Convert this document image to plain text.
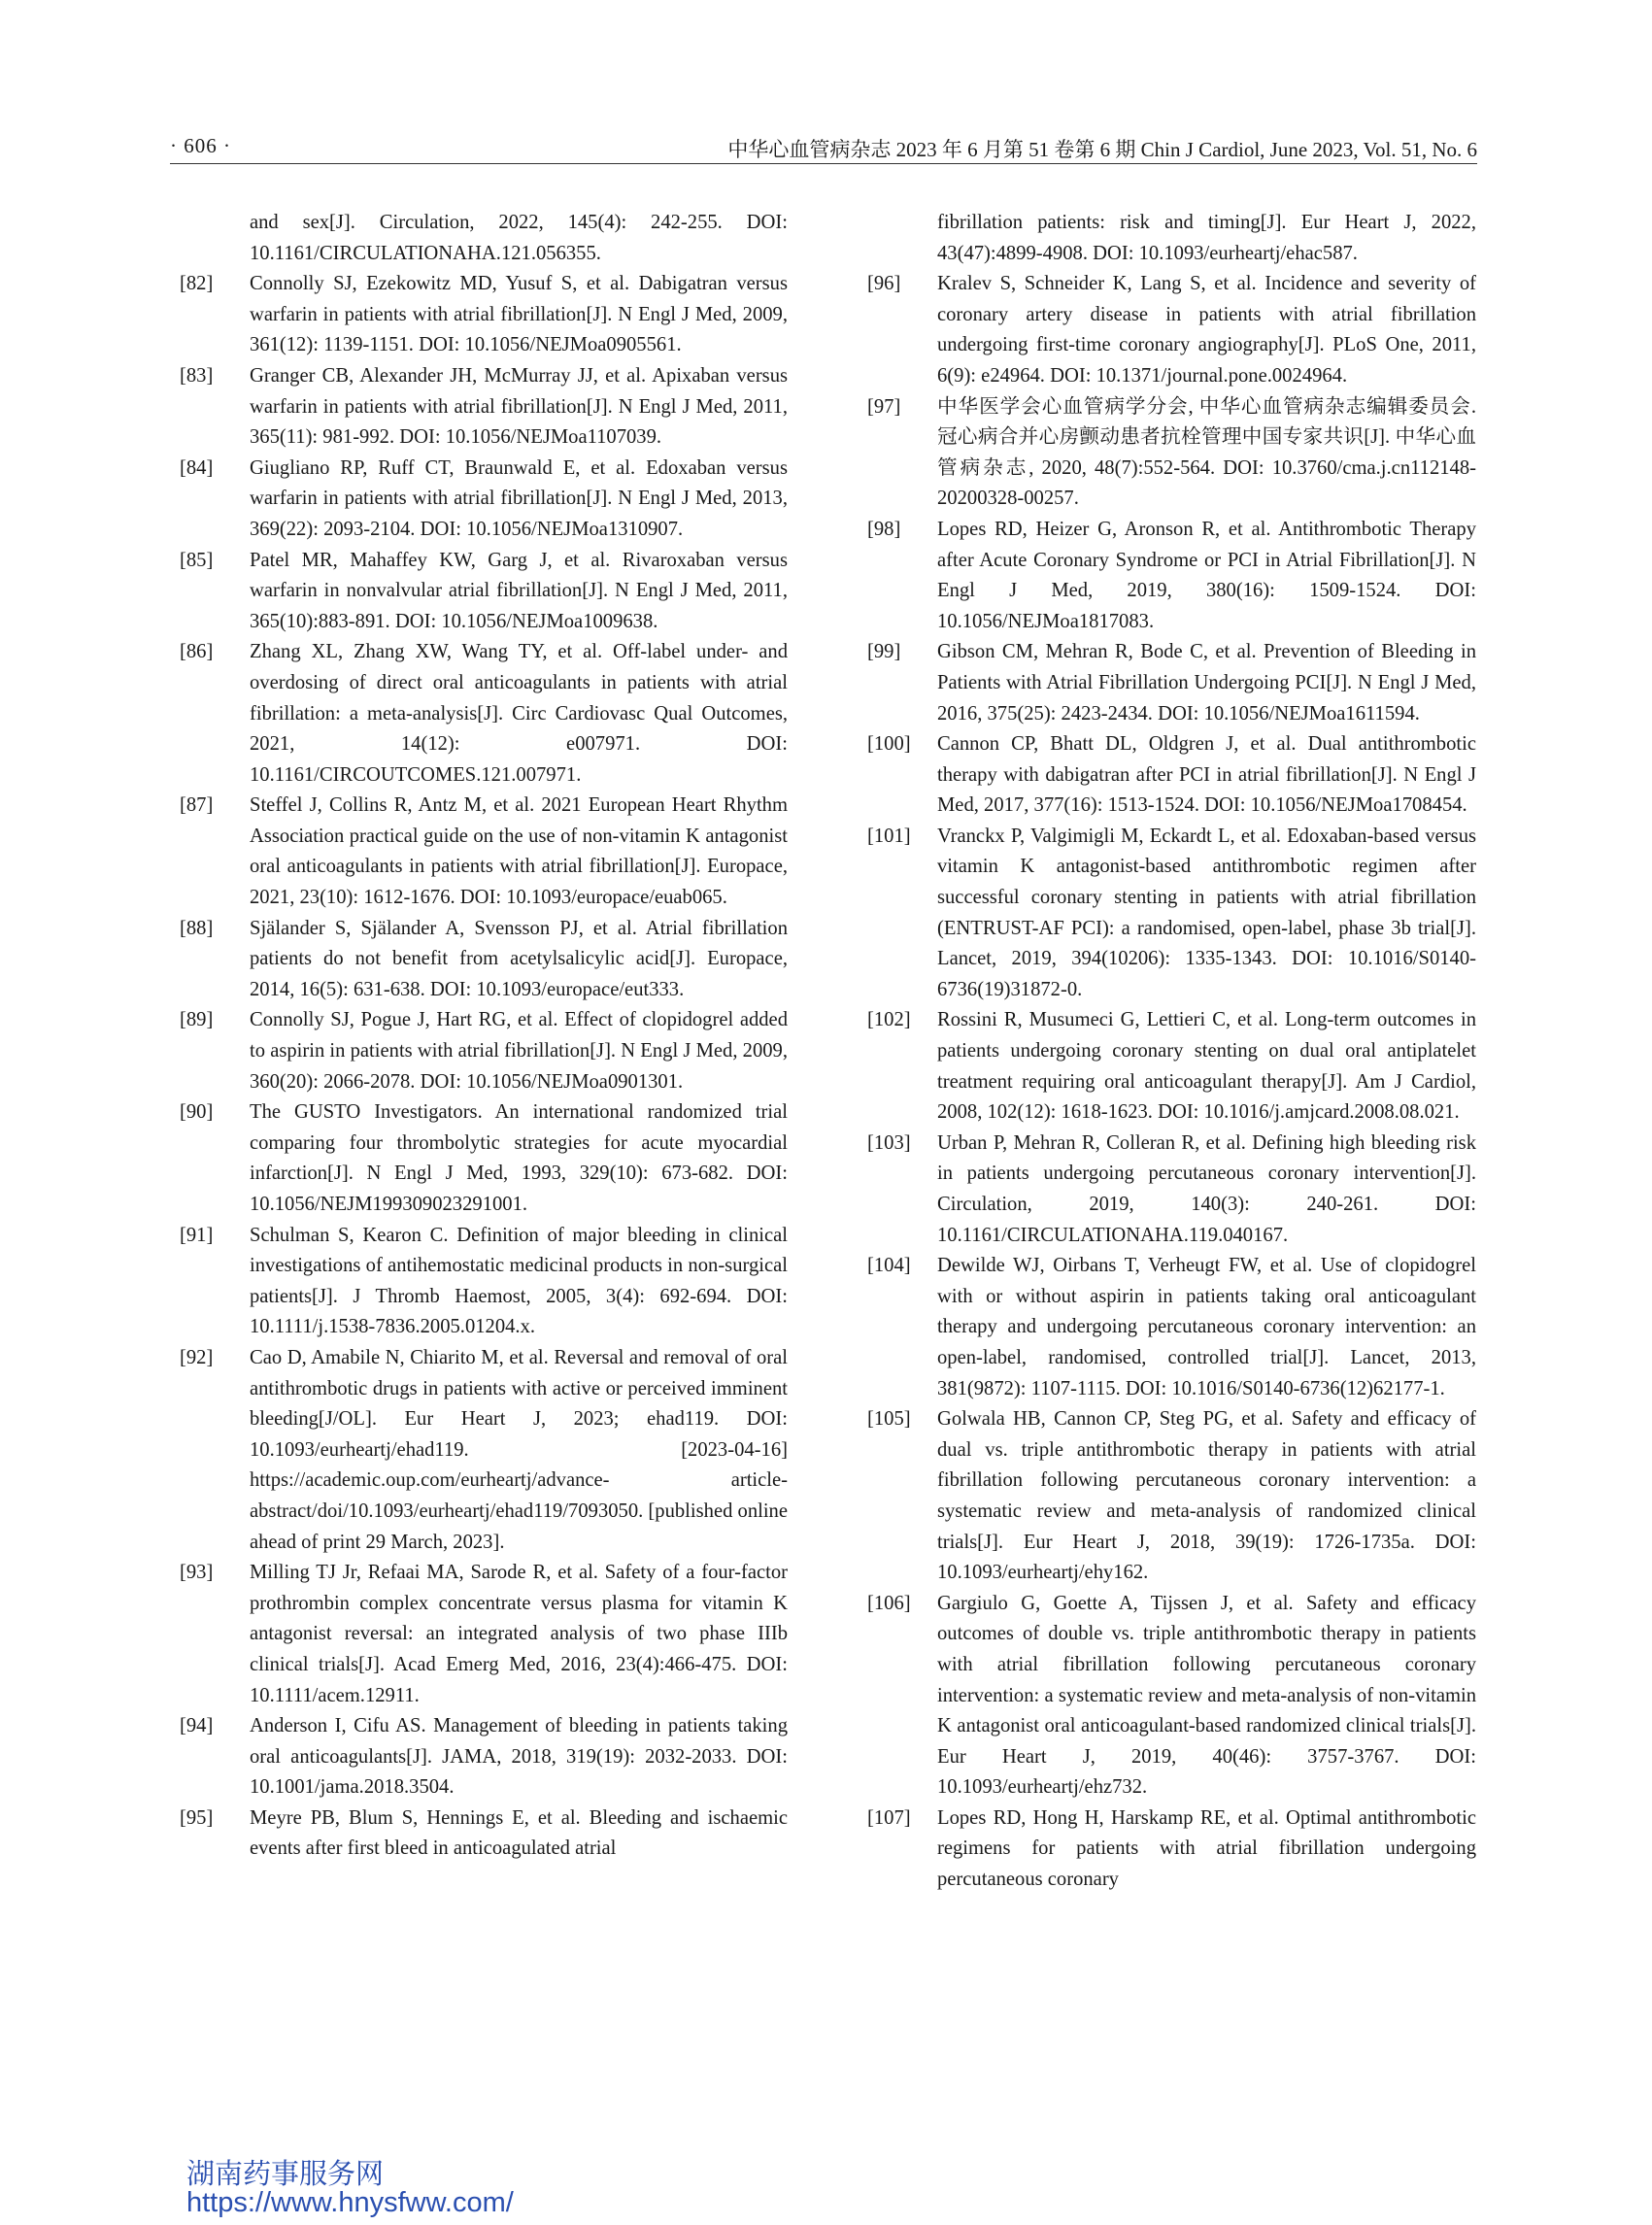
· 606 ·	中华心血管病杂志 2023 年 6 月第 51 卷第 6 期 Chin J Cardiol, June 2023, Vol. 51, No. 6
and sex[J]. Circulation, 2022, 145(4): 242-255. DOI: 10.1161/CIRCULATIONAHA.121.056355.
[82]	Connolly SJ, Ezekowitz MD, Yusuf S, et al. Dabigatran versus warfarin in patients with atrial fibrillation[J]. N Engl J Med, 2009, 361(12): 1139-1151. DOI: 10.1056/NEJMoa0905561.
[83]	Granger CB, Alexander JH, McMurray JJ, et al. Apixaban versus warfarin in patients with atrial fibrillation[J]. N Engl J Med, 2011, 365(11): 981-992. DOI: 10.1056/NEJMoa1107039.
[84]	Giugliano RP, Ruff CT, Braunwald E, et al. Edoxaban versus warfarin in patients with atrial fibrillation[J]. N Engl J Med, 2013, 369(22): 2093-2104. DOI: 10.1056/NEJMoa1310907.
[85]	Patel MR, Mahaffey KW, Garg J, et al. Rivaroxaban versus warfarin in nonvalvular atrial fibrillation[J]. N Engl J Med, 2011, 365(10):883-891. DOI: 10.1056/NEJMoa1009638.
[86]	Zhang XL, Zhang XW, Wang TY, et al. Off-label under- and overdosing of direct oral anticoagulants in patients with atrial fibrillation: a meta-analysis[J]. Circ Cardiovasc Qual Outcomes, 2021, 14(12): e007971. DOI: 10.1161/CIRCOUTCOMES.121.007971.
[87]	Steffel J, Collins R, Antz M, et al. 2021 European Heart Rhythm Association practical guide on the use of non-vitamin K antagonist oral anticoagulants in patients with atrial fibrillation[J]. Europace, 2021, 23(10): 1612-1676. DOI: 10.1093/europace/euab065.
[88]	Själander S, Själander A, Svensson PJ, et al. Atrial fibrillation patients do not benefit from acetylsalicylic acid[J]. Europace, 2014, 16(5): 631-638. DOI: 10.1093/europace/eut333.
[89]	Connolly SJ, Pogue J, Hart RG, et al. Effect of clopidogrel added to aspirin in patients with atrial fibrillation[J]. N Engl J Med, 2009, 360(20): 2066-2078. DOI: 10.1056/NEJMoa0901301.
[90]	The GUSTO Investigators. An international randomized trial comparing four thrombolytic strategies for acute myocardial infarction[J]. N Engl J Med, 1993, 329(10): 673-682. DOI: 10.1056/NEJM199309023291001.
[91]	Schulman S, Kearon C. Definition of major bleeding in clinical investigations of antihemostatic medicinal products in non-surgical patients[J]. J Thromb Haemost, 2005, 3(4): 692-694. DOI: 10.1111/j.1538-7836.2005.01204.x.
[92]	Cao D, Amabile N, Chiarito M, et al. Reversal and removal of oral antithrombotic drugs in patients with active or perceived imminent bleeding[J/OL]. Eur Heart J, 2023; ehad119. DOI: 10.1093/eurheartj/ehad119. [2023-04-16] https://academic.oup.com/eurheartj/advance- article-abstract/doi/10.1093/eurheartj/ehad119/7093050. [published online ahead of print 29 March, 2023].
[93]	Milling TJ Jr, Refaai MA, Sarode R, et al. Safety of a four-factor prothrombin complex concentrate versus plasma for vitamin K antagonist reversal: an integrated analysis of two phase IIIb clinical trials[J]. Acad Emerg Med, 2016, 23(4):466-475. DOI: 10.1111/acem.12911.
[94]	Anderson I, Cifu AS. Management of bleeding in patients taking oral anticoagulants[J]. JAMA, 2018, 319(19): 2032-2033. DOI: 10.1001/jama.2018.3504.
[95]	Meyre PB, Blum S, Hennings E, et al. Bleeding and ischaemic events after first bleed in anticoagulated atrial
fibrillation patients: risk and timing[J]. Eur Heart J, 2022, 43(47):4899-4908. DOI: 10.1093/eurheartj/ehac587.
[96]	Kralev S, Schneider K, Lang S, et al. Incidence and severity of coronary artery disease in patients with atrial fibrillation undergoing first-time coronary angiography[J]. PLoS One, 2011, 6(9): e24964. DOI: 10.1371/journal.pone.0024964.
[97]	中华医学会心血管病学分会, 中华心血管病杂志编辑委员会. 冠心病合并心房颤动患者抗栓管理中国专家共识[J]. 中华心血管病杂志, 2020, 48(7):552-564. DOI: 10.3760/cma.j.cn112148-20200328-00257.
[98]	Lopes RD, Heizer G, Aronson R, et al. Antithrombotic Therapy after Acute Coronary Syndrome or PCI in Atrial Fibrillation[J]. N Engl J Med, 2019, 380(16): 1509-1524. DOI: 10.1056/NEJMoa1817083.
[99]	Gibson CM, Mehran R, Bode C, et al. Prevention of Bleeding in Patients with Atrial Fibrillation Undergoing PCI[J]. N Engl J Med, 2016, 375(25): 2423-2434. DOI: 10.1056/NEJMoa1611594.
[100]	Cannon CP, Bhatt DL, Oldgren J, et al. Dual antithrombotic therapy with dabigatran after PCI in atrial fibrillation[J]. N Engl J Med, 2017, 377(16): 1513-1524. DOI: 10.1056/NEJMoa1708454.
[101]	Vranckx P, Valgimigli M, Eckardt L, et al. Edoxaban-based versus vitamin K antagonist-based antithrombotic regimen after successful coronary stenting in patients with atrial fibrillation (ENTRUST-AF PCI): a randomised, open-label, phase 3b trial[J]. Lancet, 2019, 394(10206): 1335-1343. DOI: 10.1016/S0140-6736(19)31872-0.
[102]	Rossini R, Musumeci G, Lettieri C, et al. Long-term outcomes in patients undergoing coronary stenting on dual oral antiplatelet treatment requiring oral anticoagulant therapy[J]. Am J Cardiol, 2008, 102(12): 1618-1623. DOI: 10.1016/j.amjcard.2008.08.021.
[103]	Urban P, Mehran R, Colleran R, et al. Defining high bleeding risk in patients undergoing percutaneous coronary intervention[J]. Circulation, 2019, 140(3): 240-261. DOI: 10.1161/CIRCULATIONAHA.119.040167.
[104]	Dewilde WJ, Oirbans T, Verheugt FW, et al. Use of clopidogrel with or without aspirin in patients taking oral anticoagulant therapy and undergoing percutaneous coronary intervention: an open-label, randomised, controlled trial[J]. Lancet, 2013, 381(9872): 1107-1115. DOI: 10.1016/S0140-6736(12)62177-1.
[105]	Golwala HB, Cannon CP, Steg PG, et al. Safety and efficacy of dual vs. triple antithrombotic therapy in patients with atrial fibrillation following percutaneous coronary intervention: a systematic review and meta-analysis of randomized clinical trials[J]. Eur Heart J, 2018, 39(19): 1726-1735a. DOI: 10.1093/eurheartj/ehy162.
[106]	Gargiulo G, Goette A, Tijssen J, et al. Safety and efficacy outcomes of double vs. triple antithrombotic therapy in patients with atrial fibrillation following percutaneous coronary intervention: a systematic review and meta-analysis of non-vitamin K antagonist oral anticoagulant-based randomized clinical trials[J]. Eur Heart J, 2019, 40(46): 3757-3767. DOI: 10.1093/eurheartj/ehz732.
[107]	Lopes RD, Hong H, Harskamp RE, et al. Optimal antithrombotic regimens for patients with atrial fibrillation undergoing percutaneous coronary
湖南药事服务网
https://www.hnysfww.com/
